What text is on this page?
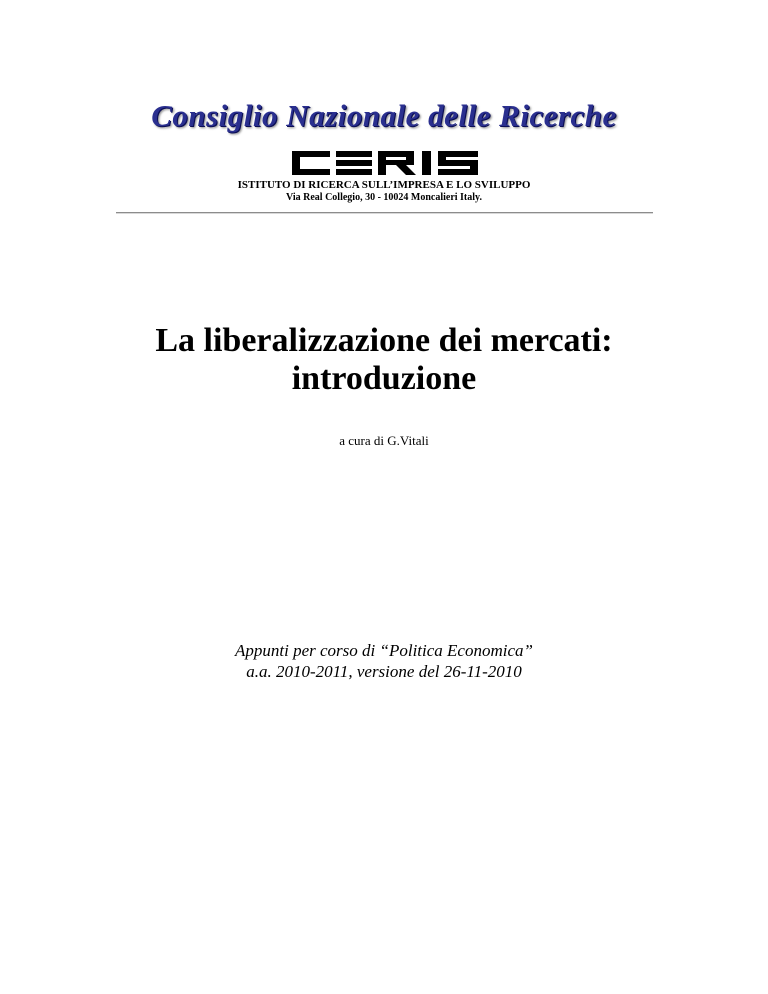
Consiglio Nazionale delle Ricerche
ISTITUTO DI RICERCA SULL’IMPRESA E LO SVILUPPO
Via Real Collegio, 30 - 10024 Moncalieri Italy.
La liberalizzazione dei mercati:
introduzione
a cura di G.Vitali
Appunti per corso di “Politica Economica”
a.a. 2010-2011, versione del 26-11-2010
